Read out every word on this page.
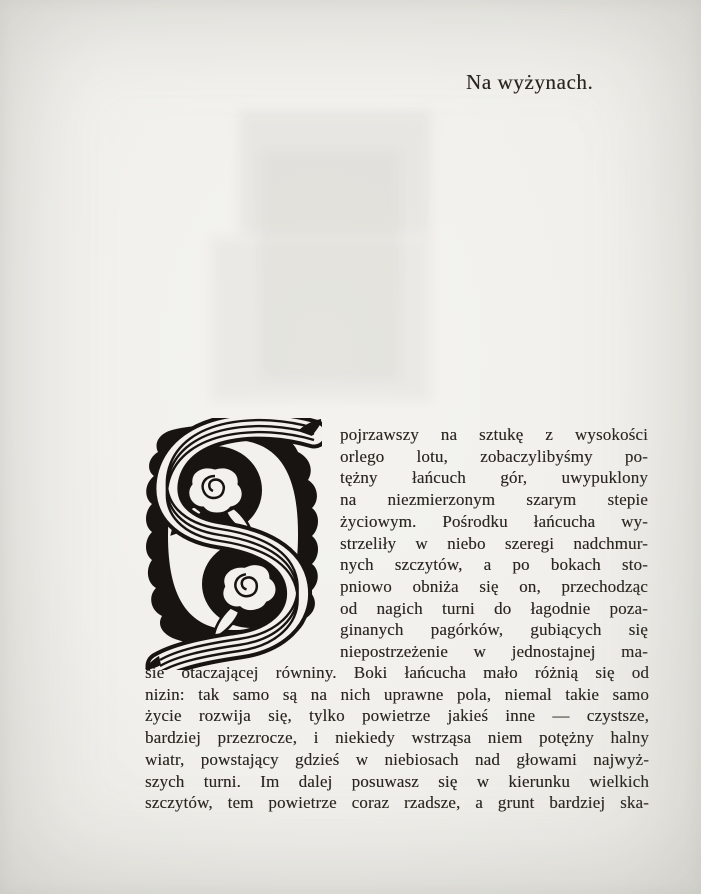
Na wyżynach.
pojrzawszy na sztukę z wysokości
orlego lotu, zobaczylibyśmy po-
tężny łańcuch gór, uwypuklony
na niezmierzonym szarym stepie
życiowym. Pośrodku łańcucha wy-
strzeliły w niebo szeregi nadchmur-
nych szczytów, a po bokach sto-
pniowo obniża się on, przechodząc
od nagich turni do łagodnie poza-
ginanych pagórków, gubiących się
niepostrzeżenie w jednostajnej ma-
sie otaczającej równiny. Boki łańcucha mało różnią się od
nizin: tak samo są na nich uprawne pola, niemal takie samo
życie rozwija się, tylko powietrze jakieś inne — czystsze,
bardziej przezrocze, i niekiedy wstrząsa niem potężny halny
wiatr, powstający gdzieś w niebiosach nad głowami najwyż-
szych turni. Im dalej posuwasz się w kierunku wielkich
szczytów, tem powietrze coraz rzadsze, a grunt bardziej ska-
